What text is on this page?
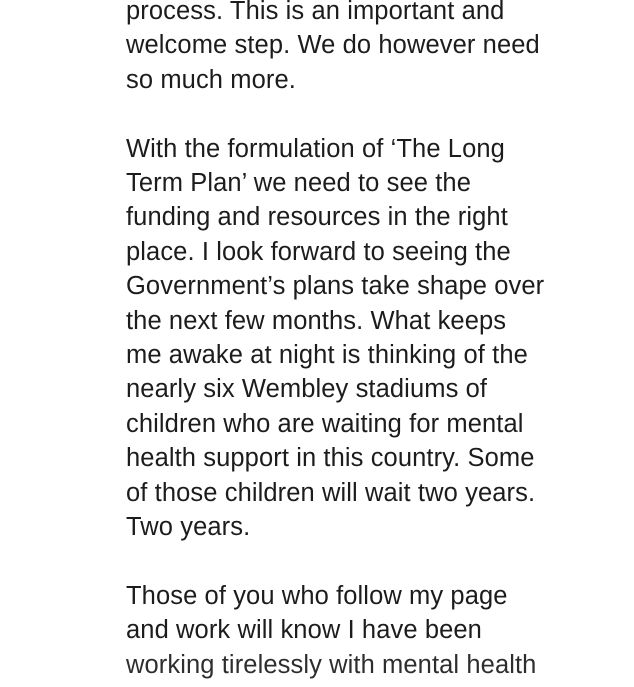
process. This is an important and
welcome step. We do however need
so much more.

With the formulation of ‘The Long
Term Plan’ we need to see the
funding and resources in the right
place. I look forward to seeing the
Government’s plans take shape over
the next few months. What keeps
me awake at night is thinking of the
nearly six Wembley stadiums of
children who are waiting for mental
health support in this country. Some
of those children will wait two years.
Two years.

Those of you who follow my page
and work will know I have been
working tirelessly with mental health
